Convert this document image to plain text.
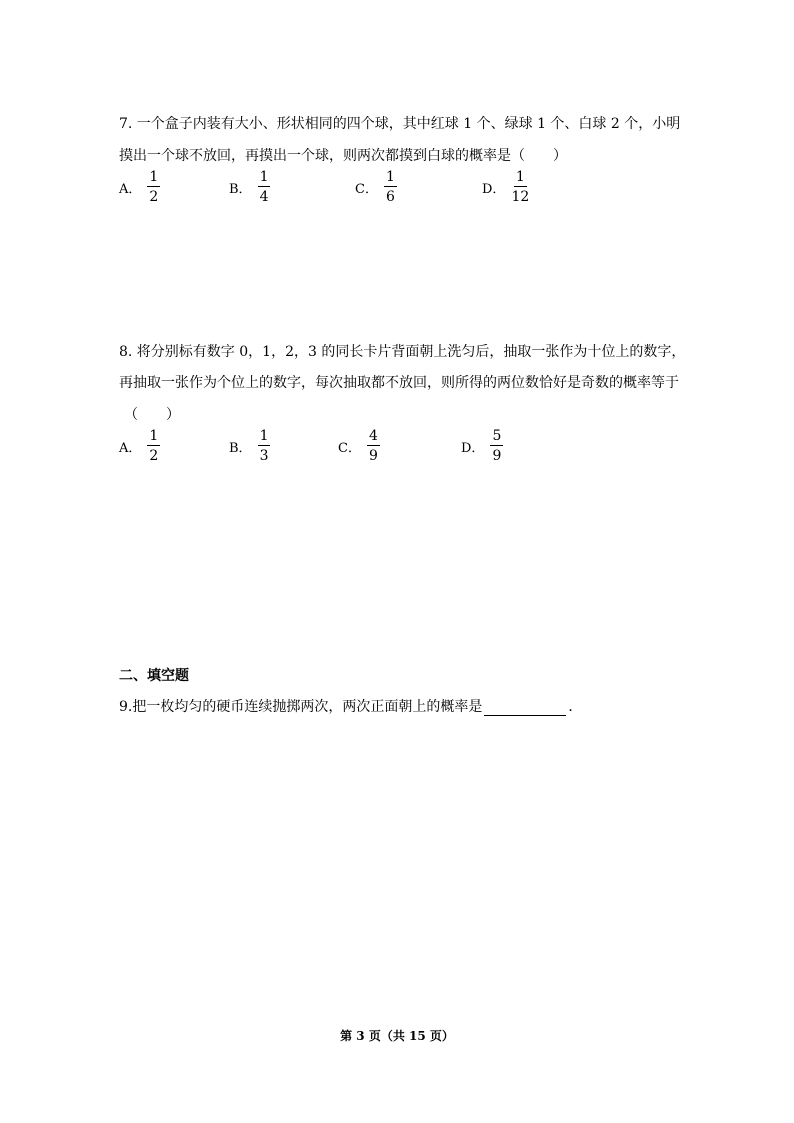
7. 一个盒子内装有大小、形状相同的四个球，其中红球 1 个、绿球 1 个、白球 2 个，小明
摸出一个球不放回，再摸出一个球，则两次都摸到白球的概率是（　　）
A． $\frac{1}{2}$	B． $\frac{1}{4}$	C． $\frac{1}{6}$	D． $\frac{1}{12}$
8. 将分别标有数字 0，1，2，3 的同长卡片背面朝上洗匀后，抽取一张作为十位上的数字，
再抽取一张作为个位上的数字，每次抽取都不放回，则所得的两位数恰好是奇数的概率等于
（　　）
A． $\frac{1}{2}$	B． $\frac{1}{3}$	C． $\frac{4}{9}$	D． $\frac{5}{9}$
二、填空题
9.把一枚均匀的硬币连续抛掷两次，两次正面朝上的概率是	．
第 3 页（共 15 页）
